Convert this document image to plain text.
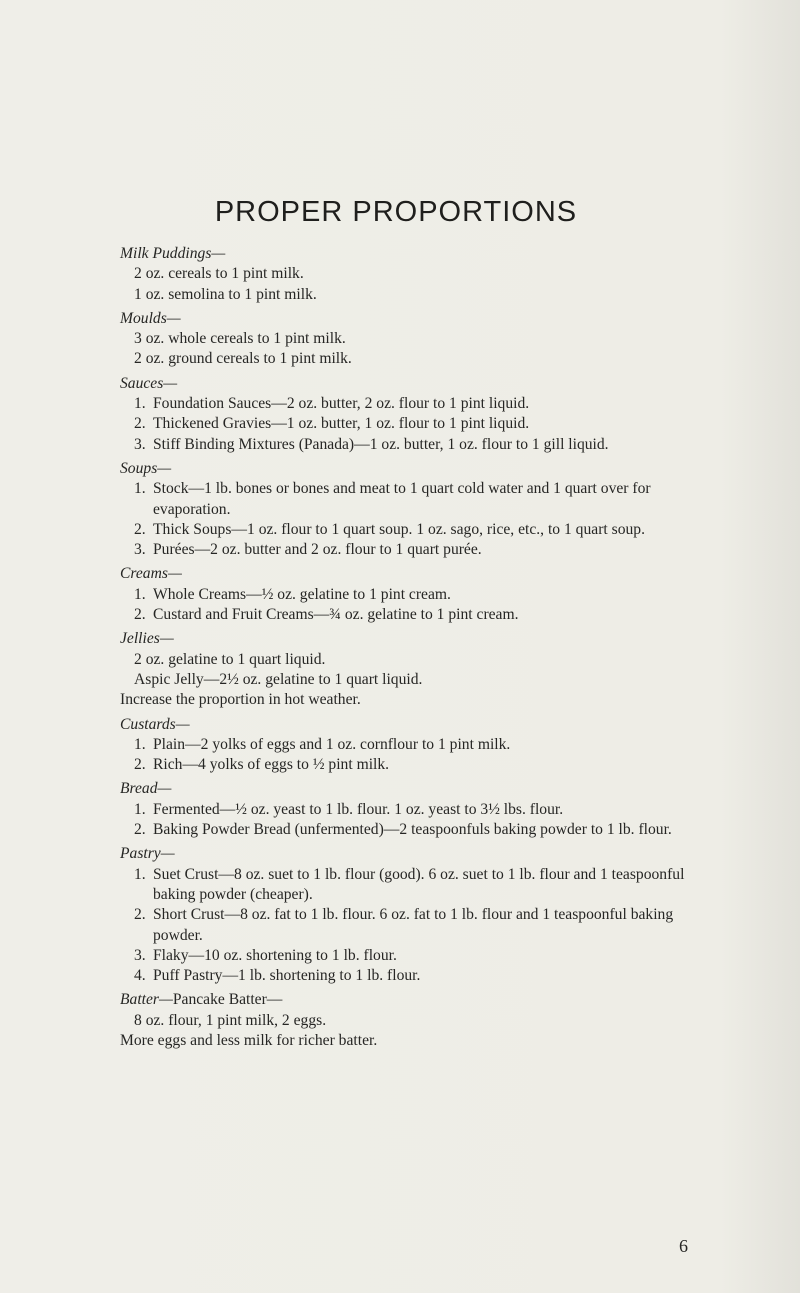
PROPER PROPORTIONS
Milk Puddings—
2 oz. cereals to 1 pint milk.
1 oz. semolina to 1 pint milk.
Moulds—
3 oz. whole cereals to 1 pint milk.
2 oz. ground cereals to 1 pint milk.
Sauces—
1. Foundation Sauces—2 oz. butter, 2 oz. flour to 1 pint liquid.
2. Thickened Gravies—1 oz. butter, 1 oz. flour to 1 pint liquid.
3. Stiff Binding Mixtures (Panada)—1 oz. butter, 1 oz. flour to 1 gill liquid.
Soups—
1. Stock—1 lb. bones or bones and meat to 1 quart cold water and 1 quart over for evaporation.
2. Thick Soups—1 oz. flour to 1 quart soup. 1 oz. sago, rice, etc., to 1 quart soup.
3. Purées—2 oz. butter and 2 oz. flour to 1 quart purée.
Creams—
1. Whole Creams—½ oz. gelatine to 1 pint cream.
2. Custard and Fruit Creams—¾ oz. gelatine to 1 pint cream.
Jellies—
2 oz. gelatine to 1 quart liquid.
Aspic Jelly—2½ oz. gelatine to 1 quart liquid.
Increase the proportion in hot weather.
Custards—
1. Plain—2 yolks of eggs and 1 oz. cornflour to 1 pint milk.
2. Rich—4 yolks of eggs to ½ pint milk.
Bread—
1. Fermented—½ oz. yeast to 1 lb. flour. 1 oz. yeast to 3½ lbs. flour.
2. Baking Powder Bread (unfermented)—2 teaspoonfuls baking powder to 1 lb. flour.
Pastry—
1. Suet Crust—8 oz. suet to 1 lb. flour (good). 6 oz. suet to 1 lb. flour and 1 teaspoonful baking powder (cheaper).
2. Short Crust—8 oz. fat to 1 lb. flour. 6 oz. fat to 1 lb. flour and 1 teaspoonful baking powder.
3. Flaky—10 oz. shortening to 1 lb. flour.
4. Puff Pastry—1 lb. shortening to 1 lb. flour.
Batter—Pancake Batter—
8 oz. flour, 1 pint milk, 2 eggs.
More eggs and less milk for richer batter.
6
